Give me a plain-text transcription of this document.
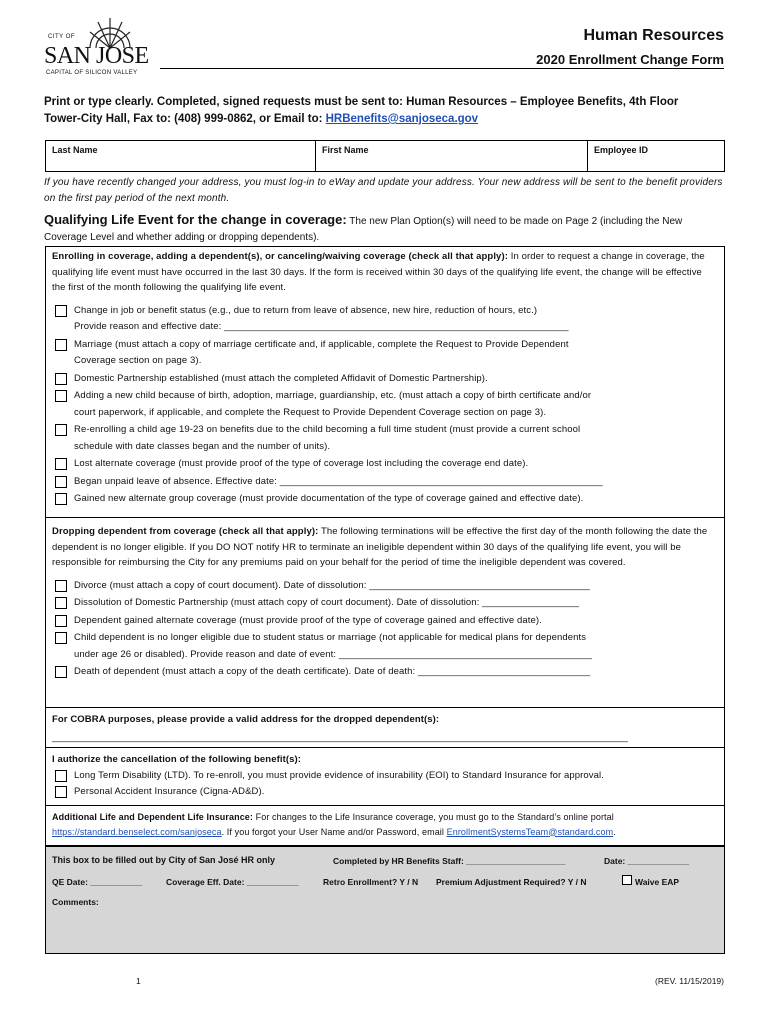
CITY OF
SAN JOSE
CAPITAL OF SILICON VALLEY
Human Resources
2020 Enrollment Change Form
Print or type clearly. Completed, signed requests must be sent to: Human Resources – Employee Benefits, 4th Floor
Tower-City Hall, Fax to: (408) 999-0862, or Email to: HRBenefits@sanjoseca.gov
Last Name	First Name	Employee ID
If you have recently changed your address, you must log-in to eWay and update your address. Your new address will be sent to the benefit providers on the first pay period of the next month.
Qualifying Life Event for the change in coverage: The new Plan Option(s) will need to be made on Page 2 (including the New Coverage Level and whether adding or dropping dependents).
Enrolling in coverage, adding a dependent(s), or canceling/waiving coverage (check all that apply): In order to request a change in coverage, the qualifying life event must have occurred in the last 30 days. If the form is received within 30 days of the qualifying life event, the change will be effective the first of the month following the qualifying life event.
Change in job or benefit status (e.g., due to return from leave of absence, new hire, reduction of hours, etc.)
Provide reason and effective date: ________________________________________________________________
Marriage (must attach a copy of marriage certificate and, if applicable, complete the Request to Provide Dependent
Coverage section on page 3).
Domestic Partnership established (must attach the completed Affidavit of Domestic Partnership).
Adding a new child because of birth, adoption, marriage, guardianship, etc. (must attach a copy of birth certificate and/or
court paperwork, if applicable, and complete the Request to Provide Dependent Coverage section on page 3).
Re-enrolling a child age 19-23 on benefits due to the child becoming a full time student (must provide a current school
schedule with date classes began and the number of units).
Lost alternate coverage (must provide proof of the type of coverage lost including the coverage end date).
Began unpaid leave of absence. Effective date: ____________________________________________________________
Gained new alternate group coverage (must provide documentation of the type of coverage gained and effective date).
Dropping dependent from coverage (check all that apply): The following terminations will be effective the first day of the month following the date the dependent is no longer eligible. If you DO NOT notify HR to terminate an ineligible dependent within 30 days of the qualifying life event, you will be responsible for reimbursing the City for any premiums paid on your behalf for the period of time the ineligible dependent was covered.
Divorce (must attach a copy of court document). Date of dissolution: _________________________________________
Dissolution of Domestic Partnership (must attach copy of court document). Date of dissolution: __________________
Dependent gained alternate coverage (must provide proof of the type of coverage gained and effective date).
Child dependent is no longer eligible due to student status or marriage (not applicable for medical plans for dependents
under age 26 or disabled). Provide reason and date of event: _______________________________________________
Death of dependent (must attach a copy of the death certificate). Date of death: ________________________________
For COBRA purposes, please provide a valid address for the dropped dependent(s):
___________________________________________________________________________________________________________
I authorize the cancellation of the following benefit(s):
Long Term Disability (LTD). To re-enroll, you must provide evidence of insurability (EOI) to Standard Insurance for approval.
Personal Accident Insurance (Cigna-AD&D).
Additional Life and Dependent Life Insurance: For changes to the Life Insurance coverage, you must go to the Standard’s online portal
https://standard.benselect.com/sanjoseca. If you forgot your User Name and/or Password, email EnrollmentSystemsTeam@standard.com.
This box to be filled out by City of San José HR only	Completed by HR Benefits Staff: _____________________	Date: _____________
QE Date: ___________	Coverage Eff. Date: ___________	Retro Enrollment? Y / N Premium Adjustment Required? Y / N	Waive EAP
Comments:
1	(REV. 11/15/2019)
